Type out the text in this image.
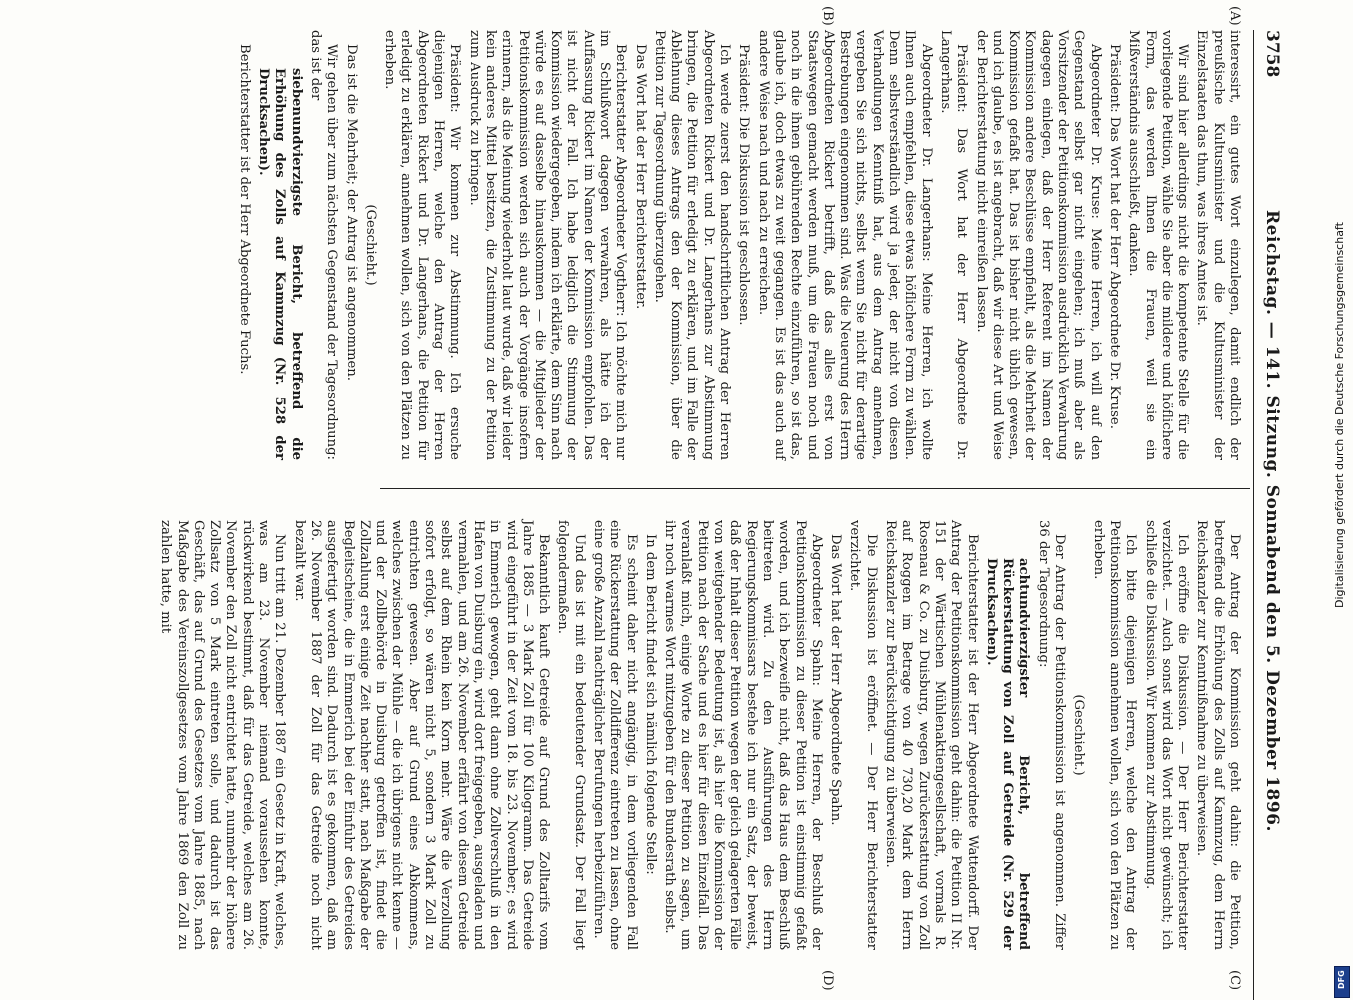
3758
Reichstag. — 141. Sitzung. Sonnabend den 5. Dezember 1896.
(A)
(B)
(C)
(D)

interessirt, ein gutes Wort einzulegen, damit endlich der preußische Kultusminister und die Kultusminister der Einzelstaaten das thun, was ihres Amtes ist.

Wir sind hier allerdings nicht die kompetente Stelle für die vorliegende Petition, wähle Sie aber die mildere und höflichere Form, das werden Ihnen die Frauen, weil sie ein Mißverständnis ausschließt, danken.

Präsident: Das Wort hat der Herr Abgeordnete Dr. Kruse.

Abgeordneter Dr. Kruse: Meine Herren, ich will auf den Gegenstand selbst gar nicht eingehen; ich muß aber als Vorsitzender der Petitionskommission ausdrücklich Verwahrung dagegen einlegen, daß der Herr Referent im Namen der Kommission andere Beschlüsse empfiehlt, als die Mehrheit der Kommission gefaßt hat. Das ist bisher nicht üblich gewesen, und ich glaube, es ist angebracht, daß wir diese Art und Weise der Berichterstattung nicht einreißen lassen.

Präsident: Das Wort hat der Herr Abgeordnete Dr. Langerhans.

Abgeordneter Dr. Langerhans: Meine Herren, ich wollte Ihnen auch empfehlen, diese etwas höflichere Form zu wählen. Denn selbstverständlich wird ja jeder, der nicht von diesen Verhandlungen Kenntniß hat, aus dem Antrag annehmen, vergeben Sie sich nichts, selbst wenn Sie nicht für derartige Bestrebungen eingenommen sind. Was die Neuerung des Herrn Abgeordneten Rickert betrifft, daß das alles erst von Staatswegen gemacht werden muß, um die Frauen noch und noch in die ihnen gebührenden Rechte einzuführen, so ist das, glaube ich, doch etwas zu weit gegangen. Es ist das auch auf andere Weise nach und nach zu erreichen.

Präsident: Die Diskussion ist geschlossen.

Ich werde zuerst den handschriftlichen Antrag der Herren Abgeordneten Rickert und Dr. Langerhans zur Abstimmung bringen, die Petition für erledigt zu erklären, und im Falle der Ablehnung dieses Antrags den der Kommission, über die Petition zur Tagesordnung überzugehen.

Das Wort hat der Herr Berichterstatter.

Berichterstatter Abgeordneter Vogtherr: Ich möchte mich nur im Schlußwort dagegen verwahren, als hätte ich der Auffassung Rickert im Namen der Kommission empfohlen. Das ist nicht der Fall. Ich habe lediglich die Stimmung der Kommission wiedergegeben, indem ich erklärte, dem Sinn nach würde es auf dasselbe hinauskommen — die Mitglieder der Petitionskommission werden sich auch der Vorgänge insofern erinnern, als die Meinung wiederholt laut wurde, daß wir leider kein anderes Mittel besitzen, die Zustimmung zu der Petition zum Ausdruck zu bringen.

Präsident: Wir kommen zur Abstimmung. Ich ersuche diejenigen Herren, welche den Antrag der Herren Abgeordneten Rickert und Dr. Langerhans, die Petition für erledigt zu erklären, annehmen wollen, sich von den Plätzen zu erheben.

(Geschieht.)

Das ist die Mehrheit; der Antrag ist angenommen.

Wir gehen über zum nächsten Gegenstand der Tagesordnung: das ist der

siebenundvierzigste Bericht, betreffend die Erhöhung des Zolls auf Kammzug (Nr. 528 der Drucksachen).

Berichterstatter ist der Herr Abgeordnete Fuchs.

Der Antrag der Kommission geht dahin: die Petition, betreffend die Erhöhung des Zolls auf Kammzug, dem Herrn Reichskanzler zur Kenntnißnahme zu überweisen.

Ich eröffne die Diskussion. — Der Herr Berichterstatter verzichtet. — Auch sonst wird das Wort nicht gewünscht; ich schließe die Diskussion. Wir kommen zur Abstimmung.

Ich bitte diejenigen Herren, welche den Antrag der Petitionskommission annehmen wollen, sich von den Plätzen zu erheben.

(Geschieht.)

Der Antrag der Petitionskommission ist angenommen. Ziffer 36 der Tagesordnung:

achtundvierzigster Bericht, betreffend Rückerstattung von Zoll auf Getreide (Nr. 529 der Drucksachen).

Berichterstatter ist der Herr Abgeordnete Wattendorff. Der Antrag der Petitionskommission geht dahin: die Petition II Nr. 151 der Wärtischen Mühlenaktiengesellschaft, vormals R. Rosenau & Co. zu Duisburg, wegen Zurückerstattung von Zoll auf Roggen im Betrage von 40 730,20 Mark dem Herrn Reichskanzler zur Berücksichtigung zu überweisen.

Die Diskussion ist eröffnet. — Der Herr Berichterstatter verzichtet.

Das Wort hat der Herr Abgeordnete Spahn.

Abgeordneter Spahn: Meine Herren, der Beschluß der Petitionskommission zu dieser Petition ist einstimmig gefaßt worden, und ich bezweifle nicht, daß das Haus dem Beschluß beitreten wird. Zu den Ausführungen des Herrn Regierungskommissars bestehe ich nur ein Satz, der beweist, daß der Inhalt dieser Petition wegen der gleich gelagerten Fälle von weitgehender Bedeutung ist, als hier die Kommission der Petition nach der Sache und es hier für diesen Einzelfall. Das veranlaßt mich, einige Worte zu dieser Petition zu sagen, um ihr noch warmes Wort mitzugeben für den Bundesrath selbst.

In dem Bericht findet sich nämlich folgende Stelle:

Es scheint daher nicht angängig, in dem vorliegenden Fall eine Rückerstattung der Zolldifferenz eintreten zu lassen, ohne eine große Anzahl nachträglicher Berufungen herbeizuführen.

Und das ist mit ein bedeutender Grundsatz. Der Fall liegt folgendermaßen.

Bekanntlich kauft Getreide auf Grund des Zolltarifs vom Jahre 1885 — 3 Mark Zoll für 100 Kilogramm. Das Getreide wird eingeführt in der Zeit vom 18. bis 23. November; es wird in Emmerich gewogen, geht dann ohne Zollverschluß in den Hafen von Duisburg ein, wird dort freigegeben, ausgeladen und vermahlen, und am 26. November erfährt von diesem Getreide selbst auf dem Rhein kein Korn mehr. Wäre die Verzollung sofort erfolgt, so wären nicht 5, sondern 3 Mark Zoll zu entrichten gewesen. Aber auf Grund eines Abkommens, welches zwischen der Mühle — die ich übrigens nicht kenne — und der Zollbehörde in Duisburg getroffen ist, findet die Zollzahlung erst einige Zeit nachher statt, nach Maßgabe der Begleitscheine, die in Emmerich bei der Einfuhr des Getreides ausgefertigt worden sind. Dadurch ist es gekommen, daß am 26. November 1887 der Zoll für das Getreide noch nicht bezahlt war.

Nun tritt am 21. Dezember 1887 ein Gesetz in Kraft, welches, was am 23. November niemand voraussehen konnte, rückwirkend bestimmt, daß für das Getreide, welches am 26. November den Zoll nicht entrichtet hatte, nunmehr der höhere Zollsatz von 5 Mark eintreten solle, und dadurch ist das Geschäft, das auf Grund des Gesetzes vom Jahre 1885, nach Maßgabe des Vereinszollgesetzes vom Jahre 1869 den Zoll zu zahlen hatte, mit	Digitalisierung gefördert durch die Deutsche Forschungsgemeinschaft
DFG
